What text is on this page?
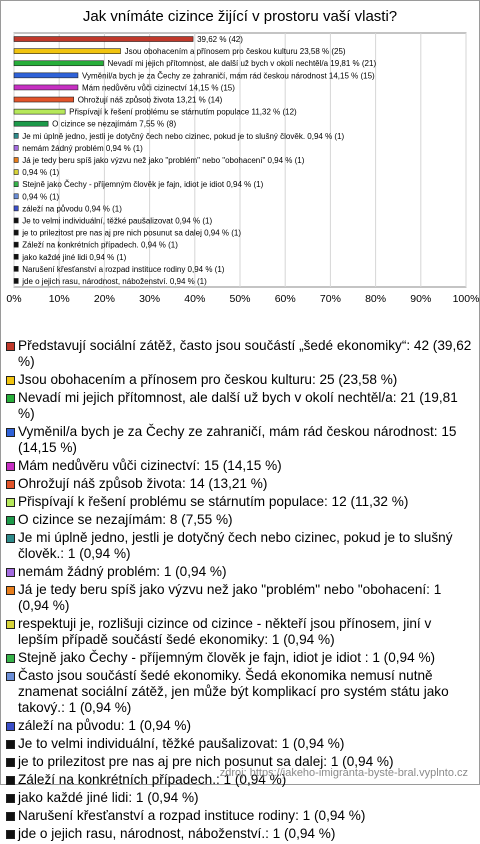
Jak vnímáte cizince žijící v prostoru vaší vlasti?
0%	10% 20% 30% 40% 50% 60% 70% 80% 90% 100%
39,62 % (42)
Jsou obohacením a přínosem pro českou kulturu 23,58 % (25)
Nevadí mi jejich přítomnost, ale další už bych v okolí nechtěl/a 19,81 % (21)
Vyměnil/a bych je za Čechy ze zahraničí, mám rád českou národnost 14,15 % (15)
Mám nedůvěru vůči cizinectví 14,15 % (15)
Ohrožují náš způsob života 13,21 % (14)
Přispívají k řešení problému se stárnutím populace 11,32 % (12)
O cizince se nezajímám 7,55 % (8)
Je mi úplně jedno, jestli je dotyčný čech nebo cizinec, pokud je to slušný člověk. 0,94 % (1)
nemám žádný problém 0,94 % (1)
Já je tedy beru spíš jako výzvu než jako "problém" nebo "obohacení" 0,94 % (1)
0,94 % (1)
Stejně jako Čechy - příjemným člověk je fajn, idiot je idiot 0,94 % (1)
0,94 % (1)
záleží na původu 0,94 % (1)
Je to velmi individuální, těžké paušalizovat 0,94 % (1)
je to prilezitost pre nas aj pre nich posunut sa dalej 0,94 % (1)
Záleží na konkrétních případech. 0,94 % (1)
jako každé jiné lidi 0,94 % (1)
Narušení křesťanství a rozpad instituce rodiny 0,94 % (1)
jde o jejich rasu, národnost, náboženství. 0,94 % (1)
Představují sociální zátěž, často jsou součástí „šedé ekonomiky“: 42 (39,62 %)
Jsou obohacením a přínosem pro českou kulturu: 25 (23,58 %)
Nevadí mi jejich přítomnost, ale další už bych v okolí nechtěl/a: 21 (19,81 %)
Vyměnil/a bych je za Čechy ze zahraničí, mám rád českou národnost: 15 (14,15 %)
Mám nedůvěru vůči cizinectví: 15 (14,15 %)
Ohrožují náš způsob života: 14 (13,21 %)
Přispívají k řešení problému se stárnutím populace: 12 (11,32 %)
O cizince se nezajímám: 8 (7,55 %)
Je mi úplně jedno, jestli je dotyčný čech nebo cizinec, pokud je to slušný člověk.: 1 (0,94 %)
nemám žádný problém: 1 (0,94 %)
Já je tedy beru spíš jako výzvu než jako "problém" nebo "obohacení: 1 (0,94 %)
respektuji je, rozlišuji cizince od cizince - někteří jsou přínosem, jiní v lepším případě součástí šedé ekonomiky: 1 (0,94 %)
Stejně jako Čechy - příjemným člověk je fajn, idiot je idiot : 1 (0,94 %)
Často jsou součástí šedé ekonomiky. Šedá ekonomika nemusí nutně znamenat sociální zátěž, jen může být komplikací pro systém státu jako takový.: 1 (0,94 %)
záleží na původu: 1 (0,94 %)
Je to velmi individuální, těžké paušalizovat: 1 (0,94 %)
je to prilezitost pre nas aj pre nich posunut sa dalej: 1 (0,94 %)
Záleží na konkrétních případech.: 1 (0,94 %)
jako každé jiné lidi: 1 (0,94 %)
Narušení křesťanství a rozpad instituce rodiny: 1 (0,94 %)
jde o jejich rasu, národnost, náboženství.: 1 (0,94 %)
zdroj: https://jakeho-imigranta-byste-bral.vyplnto.cz
